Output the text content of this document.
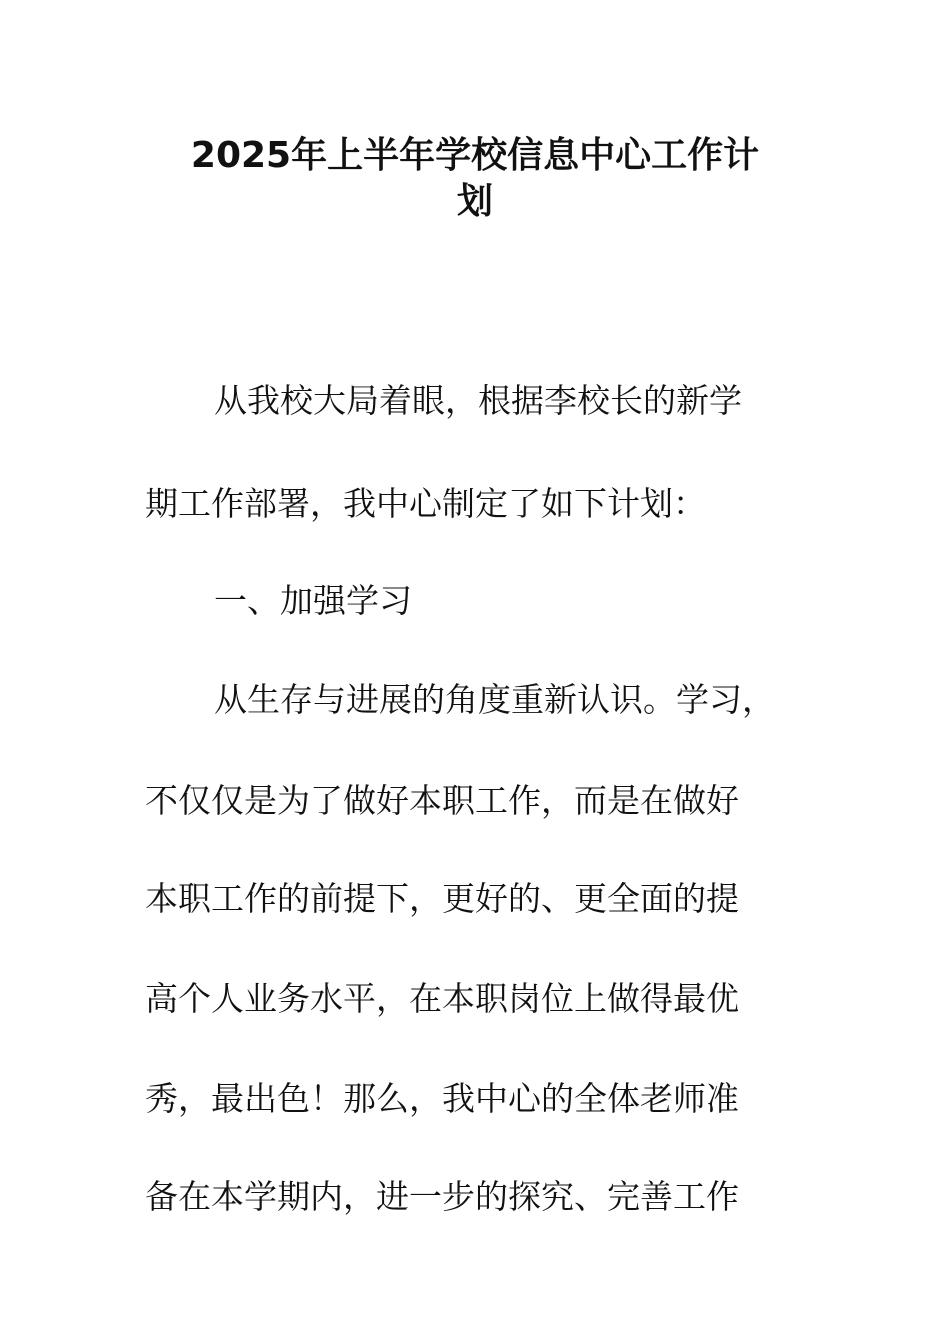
2025年上半年学校信息中心工作计
划

从我校大局着眼，根据李校长的新学

期工作部署，我中心制定了如下计划：

一、加强学习

从生存与进展的角度重新认识。学习，

不仅仅是为了做好本职工作，而是在做好

本职工作的前提下，更好的、更全面的提

高个人业务水平，在本职岗位上做得最优

秀，最出色！那么，我中心的全体老师准

备在本学期内，进一步的探究、完善工作
